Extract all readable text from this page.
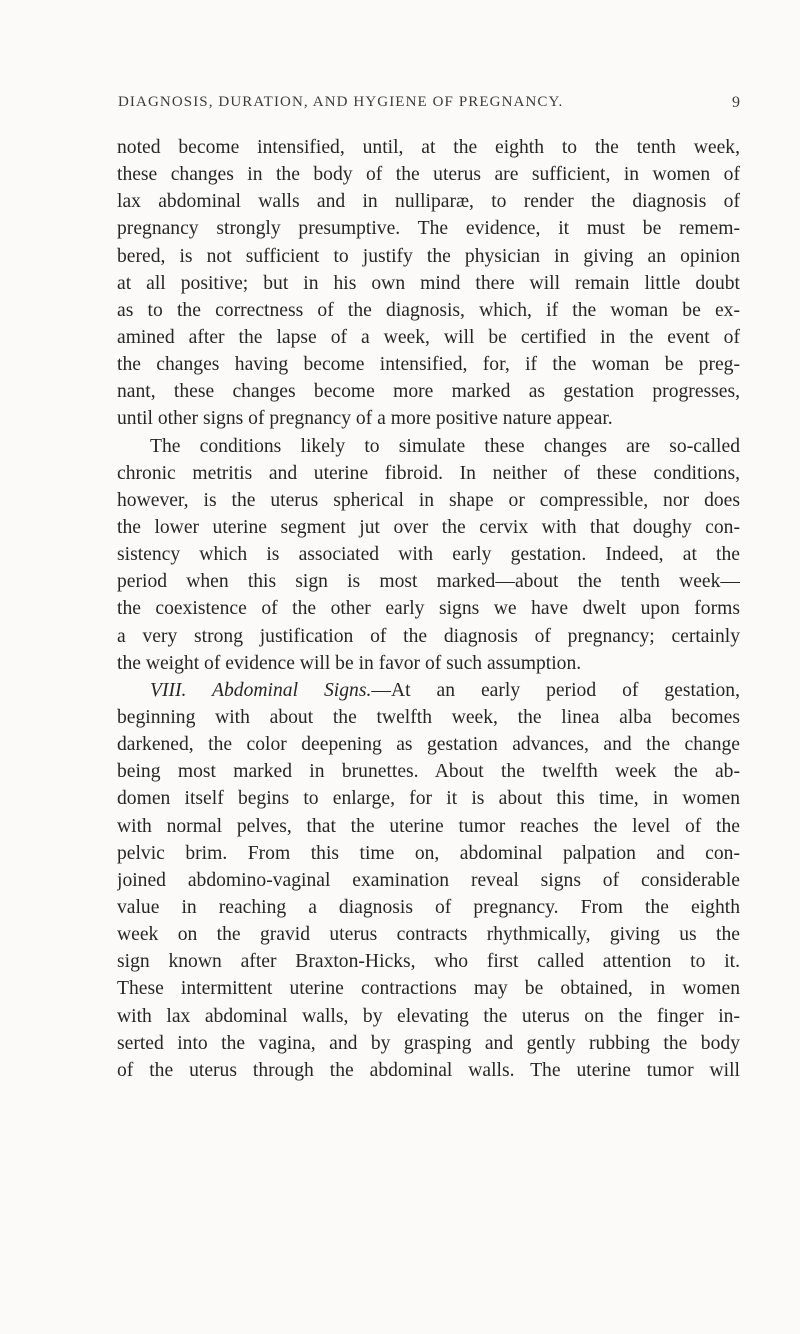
DIAGNOSIS, DURATION, AND HYGIENE OF PREGNANCY.	9
noted become intensified, until, at the eighth to the tenth week,
these changes in the body of the uterus are sufficient, in women of
lax abdominal walls and in nulliparæ, to render the diagnosis of
pregnancy strongly presumptive. The evidence, it must be remem-
bered, is not sufficient to justify the physician in giving an opinion
at all positive; but in his own mind there will remain little doubt
as to the correctness of the diagnosis, which, if the woman be ex-
amined after the lapse of a week, will be certified in the event of
the changes having become intensified, for, if the woman be preg-
nant, these changes become more marked as gestation progresses,
until other signs of pregnancy of a more positive nature appear.
The conditions likely to simulate these changes are so-called
chronic metritis and uterine fibroid. In neither of these conditions,
however, is the uterus spherical in shape or compressible, nor does
the lower uterine segment jut over the cervix with that doughy con-
sistency which is associated with early gestation. Indeed, at the
period when this sign is most marked—about the tenth week—
the coexistence of the other early signs we have dwelt upon forms
a very strong justification of the diagnosis of pregnancy; certainly
the weight of evidence will be in favor of such assumption.
VIII. Abdominal Signs.—At an early period of gestation,
beginning with about the twelfth week, the linea alba becomes
darkened, the color deepening as gestation advances, and the change
being most marked in brunettes. About the twelfth week the ab-
domen itself begins to enlarge, for it is about this time, in women
with normal pelves, that the uterine tumor reaches the level of the
pelvic brim. From this time on, abdominal palpation and con-
joined abdomino-vaginal examination reveal signs of considerable
value in reaching a diagnosis of pregnancy. From the eighth
week on the gravid uterus contracts rhythmically, giving us the
sign known after Braxton-Hicks, who first called attention to it.
These intermittent uterine contractions may be obtained, in women
with lax abdominal walls, by elevating the uterus on the finger in-
serted into the vagina, and by grasping and gently rubbing the body
of the uterus through the abdominal walls. The uterine tumor will
